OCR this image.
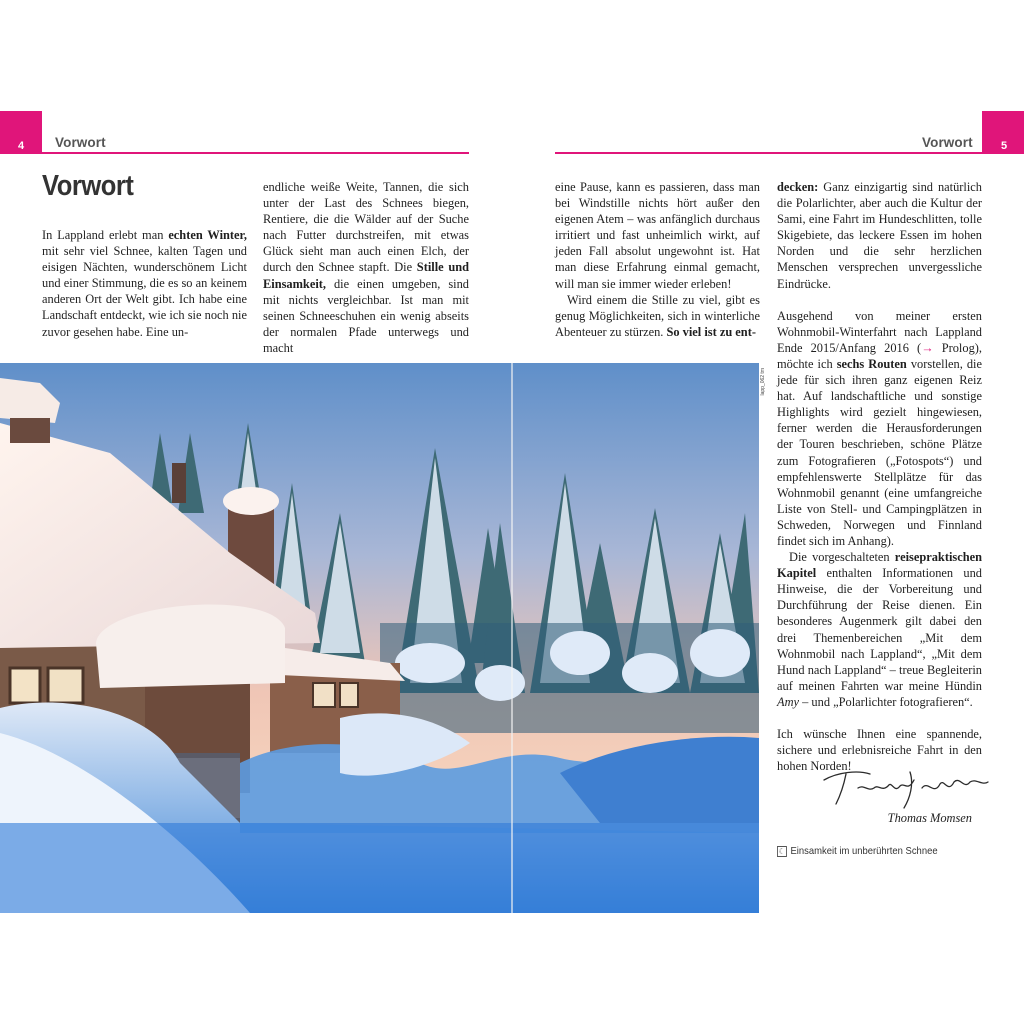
4 Vorwort	5
Vorwort
Vorwort

In Lappland erlebt man echten Winter, mit sehr viel Schnee, kalten Tagen und eisigen Nächten, wunderschönem Licht und einer Stimmung, die es so an keinem anderen Ort der Welt gibt. Ich habe eine Landschaft entdeckt, wie ich sie noch nie zuvor gesehen habe. Eine un-

endliche weiße Weite, Tannen, die sich unter der Last des Schnees biegen, Rentiere, die die Wälder auf der Suche nach Futter durchstreifen, mit etwas Glück sieht man auch einen Elch, der durch den Schnee stapft. Die Stille und Einsamkeit, die einen umgeben, sind mit nichts vergleichbar. Ist man mit seinen Schneeschuhen ein wenig abseits der normalen Pfade unterwegs und macht

eine Pause, kann es passieren, dass man bei Windstille nichts hört außer den eigenen Atem – was anfänglich durchaus irritiert und fast unheimlich wirkt, auf jeden Fall absolut ungewohnt ist. Hat man diese Erfahrung einmal gemacht, will man sie immer wieder erleben!

Wird einem die Stille zu viel, gibt es genug Möglichkeiten, sich in winterliche Abenteuer zu stürzen. So viel ist zu ent-

decken: Ganz einzigartig sind natürlich die Polarlichter, aber auch die Kultur der Sami, eine Fahrt im Hundeschlitten, tolle Skigebiete, das leckere Essen im hohen Norden und die sehr herzlichen Menschen versprechen unvergessliche Eindrücke.

Ausgehend von meiner ersten Wohnmobil-Winterfahrt nach Lappland Ende 2015/Anfang 2016 (→ Prolog), möchte ich sechs Routen vorstellen, die jede für sich ihren ganz eigenen Reiz hat. Auf landschaftliche und sonstige Highlights wird gezielt hingewiesen, ferner werden die Herausforderungen der Touren beschrieben, schöne Plätze zum Fotografieren („Fotospots“) und empfehlenswerte Stellplätze für das Wohnmobil genannt (eine umfangreiche Liste von Stell- und Campingplätzen in Schweden, Norwegen und Finnland findet sich im Anhang).

Die vorgeschalteten reisepraktischen Kapitel enthalten Informationen und Hinweise, die der Vorbereitung und Durchführung der Reise dienen. Ein besonderes Augenmerk gilt dabei den drei Themenbereichen „Mit dem Wohnmobil nach Lappland“, „Mit dem Hund nach Lappland“ – treue Begleiterin auf meinen Fahrten war meine Hündin Amy – und „Polarlichter fotografieren“.

Ich wünsche Ihnen eine spannende, sichere und erlebnisreiche Fahrt in den hohen Norden!

lapp_062 tm
Thomas Momsen
☾ Einsamkeit im unberührten Schnee
